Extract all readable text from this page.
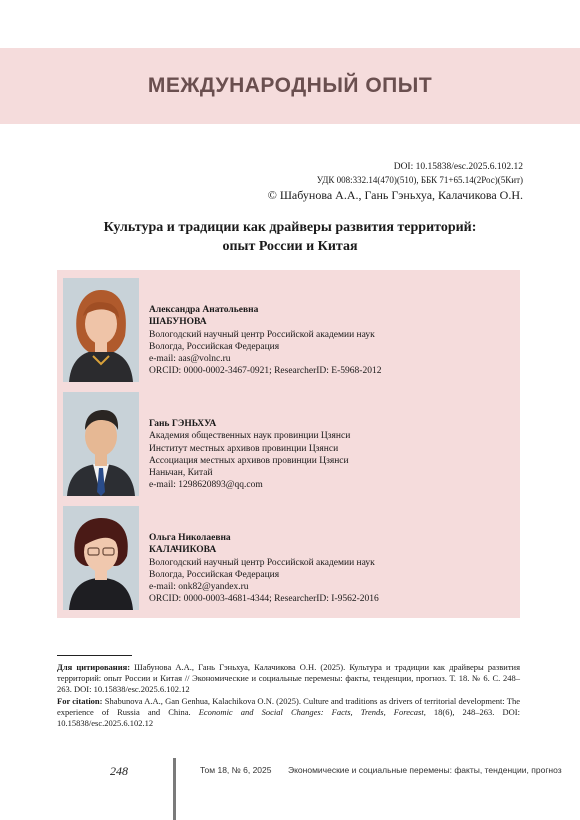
МЕЖДУНАРОДНЫЙ ОПЫТ
DOI: 10.15838/esc.2025.6.102.12
УДК 008:332.14(470)(510), ББК 71+65.14(2Рос)(5Кит)
© Шабунова А.А., Гань Гэньхуа, Калачикова О.Н.
Культура и традиции как драйверы развития территорий:
опыт России и Китая
Александра Анатольевна
ШАБУНОВА
Вологодский научный центр Российской академии наук
Вологда, Российская Федерация
e-mail: aas@volnc.ru
ORCID: 0000-0002-3467-0921; ResearcherID: E-5968-2012
Гань ГЭНЬХУА
Академия общественных наук провинции Цзянси
Институт местных архивов провинции Цзянси
Ассоциация местных архивов провинции Цзянси
Наньчан, Китай
e-mail: 1298620893@qq.com
Ольга Николаевна
КАЛАЧИКОВА
Вологодский научный центр Российской академии наук
Вологда, Российская Федерация
e-mail: onk82@yandex.ru
ORCID: 0000-0003-4681-4344; ResearcherID: I-9562-2016
Для цитирования: Шабунова А.А., Гань Гэньхуа, Калачикова О.Н. (2025). Культура и традиции как драйверы развития территорий: опыт России и Китая // Экономические и социальные перемены: факты, тенденции, прогноз. Т. 18. № 6. С. 248–263. DOI: 10.15838/esc.2025.6.102.12
For citation: Shabunova A.A., Gan Genhua, Kalachikova O.N. (2025). Culture and traditions as drivers of territorial development: The experience of Russia and China. Economic and Social Changes: Facts, Trends, Forecast, 18(6), 248–263. DOI: 10.15838/esc.2025.6.102.12
248	Том 18, № 6, 2025 Экономические и социальные перемены: факты, тенденции, прогноз
